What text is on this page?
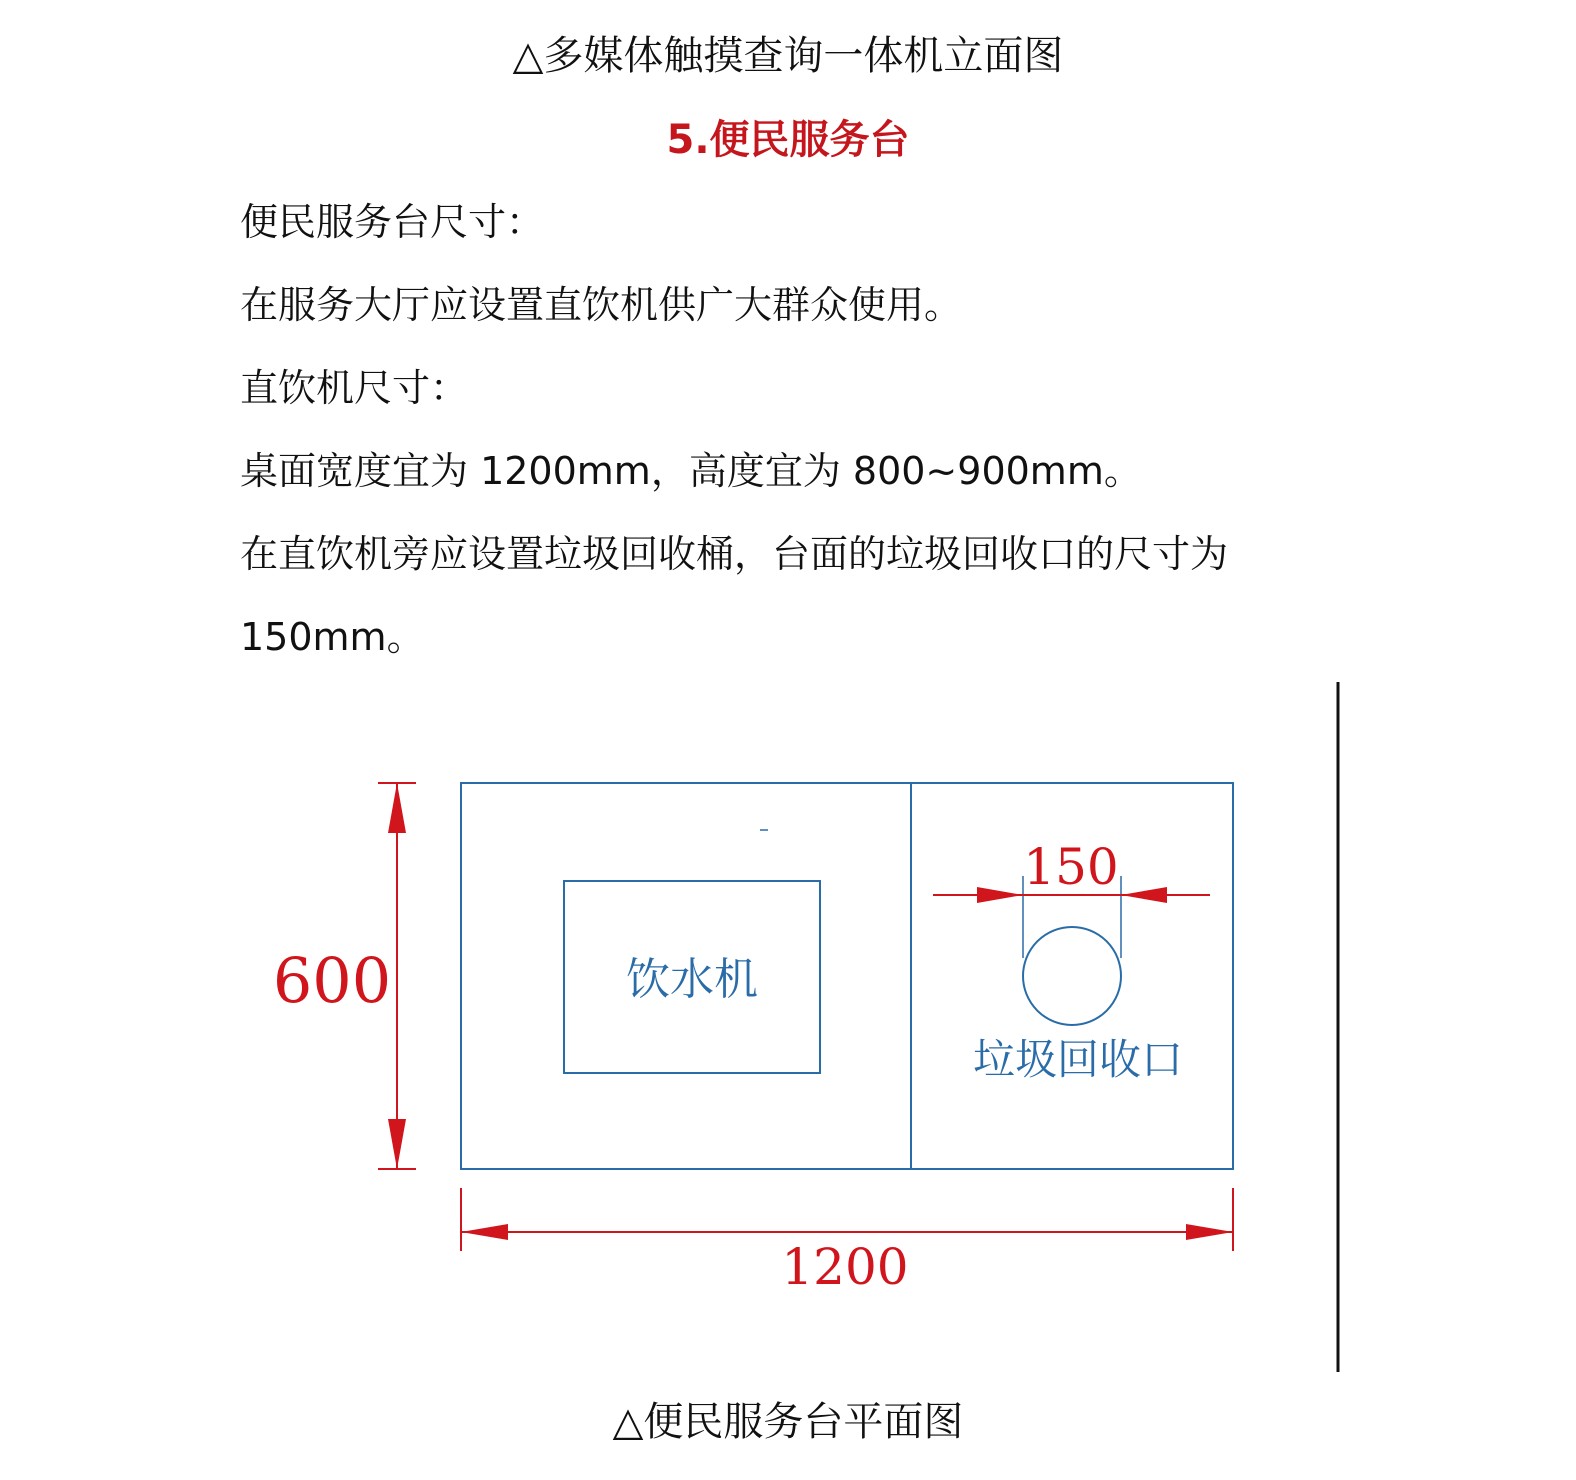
△多媒体触摸查询一体机立面图
5.便民服务台
便民服务台尺寸：
在服务大厅应设置直饮机供广大群众使用。
直饮机尺寸：
桌面宽度宜为 1200mm，高度宜为 800~900mm。
在直饮机旁应设置垃圾回收桶，台面的垃圾回收口的尺寸为
150mm。
饮水机
垃圾回收口
150
600
1200
△便民服务台平面图
